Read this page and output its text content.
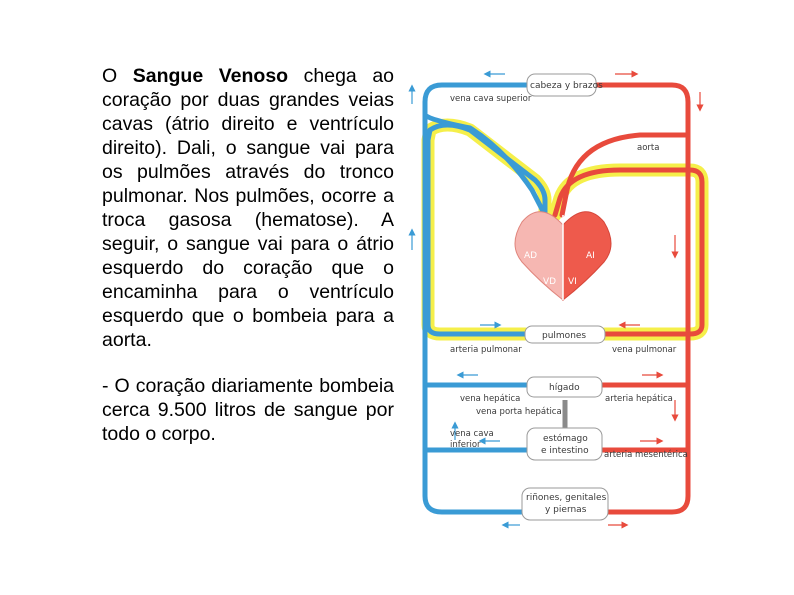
O Sangue Venoso chega ao coração por duas grandes veias cavas (átrio direito e ventrículo direito). Dali, o sangue vai para os pulmões através do tronco pulmonar. Nos pulmões, ocorre a troca gasosa (hematose). A seguir, o sangue vai para o átrio esquerdo do coração que o encaminha para o ventrículo esquerdo que o bombeia para a aorta.

- O coração diariamente bombeia cerca 9.500 litros de sangue por todo o corpo.

AD	AI
VD VI
cabeza y brazos
pulmones
hígado
estómago
e intestino
riñones, genitales
y piernas
vena cava superior
aorta
arteria pulmonar	vena pulmonar
vena hepática
vena porta hepática
arteria hepática
vena cava
inferior
arteria mesentérica
